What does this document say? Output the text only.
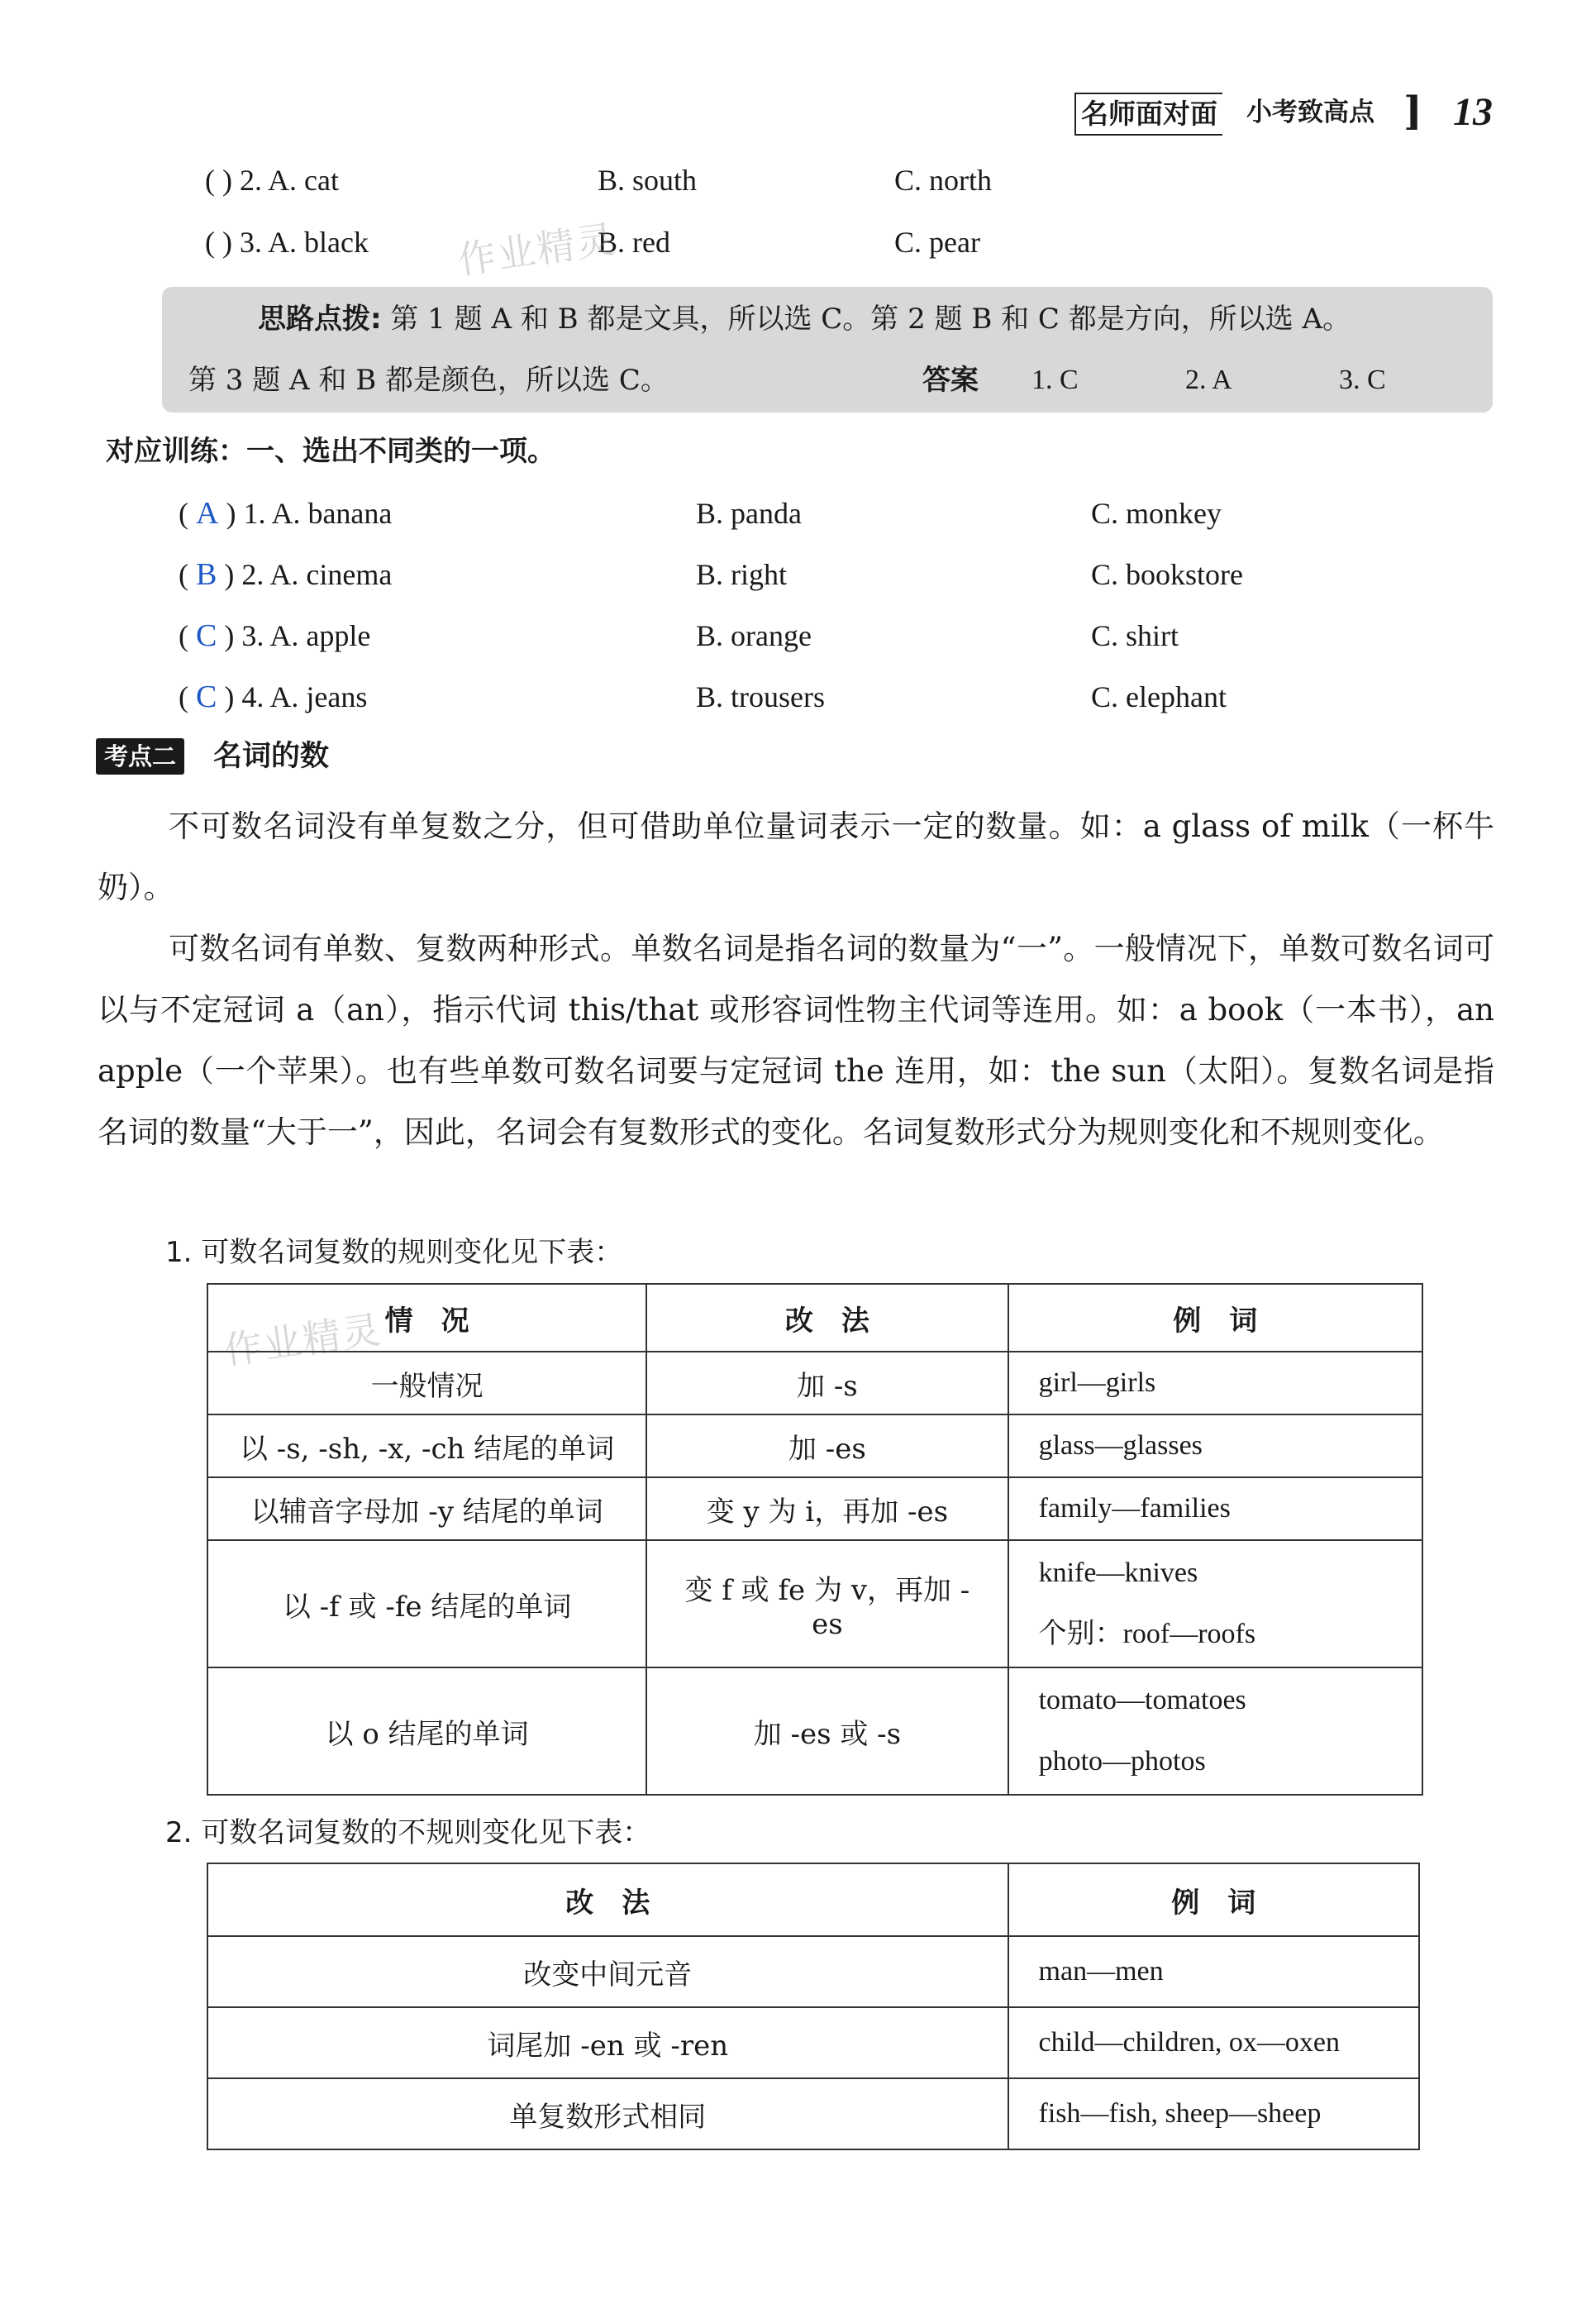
名师面对面 小考致高点 ] 13
( ) 2. A. cat	B. south	C. north
( ) 3. A. black	B. red	C. pear
作业精灵
思路点拨: 第 1 题 A 和 B 都是文具，所以选 C。第 2 题 B 和 C 都是方向，所以选 A。
第 3 题 A 和 B 都是颜色，所以选 C。	答案 1. C	2. A	3. C
对应训练：一、选出不同类的一项。
( A ) 1. A. banana	B. panda	C. monkey
( B ) 2. A. cinema	B. right	C. bookstore
( C ) 3. A. apple	B. orange	C. shirt
( C ) 4. A. jeans	B. trousers	C. elephant
考点二 名词的数
不可数名词没有单复数之分，但可借助单位量词表示一定的数量。如：a glass of milk（一杯牛奶）。
可数名词有单数、复数两种形式。单数名词是指名词的数量为“一”。一般情况下，单数可数名词可以与不定冠词 a（an），指示代词 this/that 或形容词性物主代词等连用。如：a book（一本书），an apple（一个苹果）。也有些单数可数名词要与定冠词 the 连用，如：the sun（太阳）。复数名词是指名词的数量“大于一”，因此，名词会有复数形式的变化。名词复数形式分为规则变化和不规则变化。
1. 可数名词复数的规则变化见下表：
作业精灵 情　况	改　法	例　词
一般情况	加 -s	girl—girls
以 -s, -sh, -x, -ch 结尾的单词	加 -es	glass—glasses
以辅音字母加 -y 结尾的单词	变 y 为 i，再加 -es	family—families
以 -f 或 -fe 结尾的单词	变 f 或 fe 为 v，再加 -es	knife—knives
个别：roof—roofs

以 o 结尾的单词	加 -es 或 -s	tomato—tomatoes
photo—photos
2. 可数名词复数的不规则变化见下表：
改　法	例　词
改变中间元音	man—men
词尾加 -en 或 -ren	child—children, ox—oxen
单复数形式相同	fish—fish, sheep—sheep
